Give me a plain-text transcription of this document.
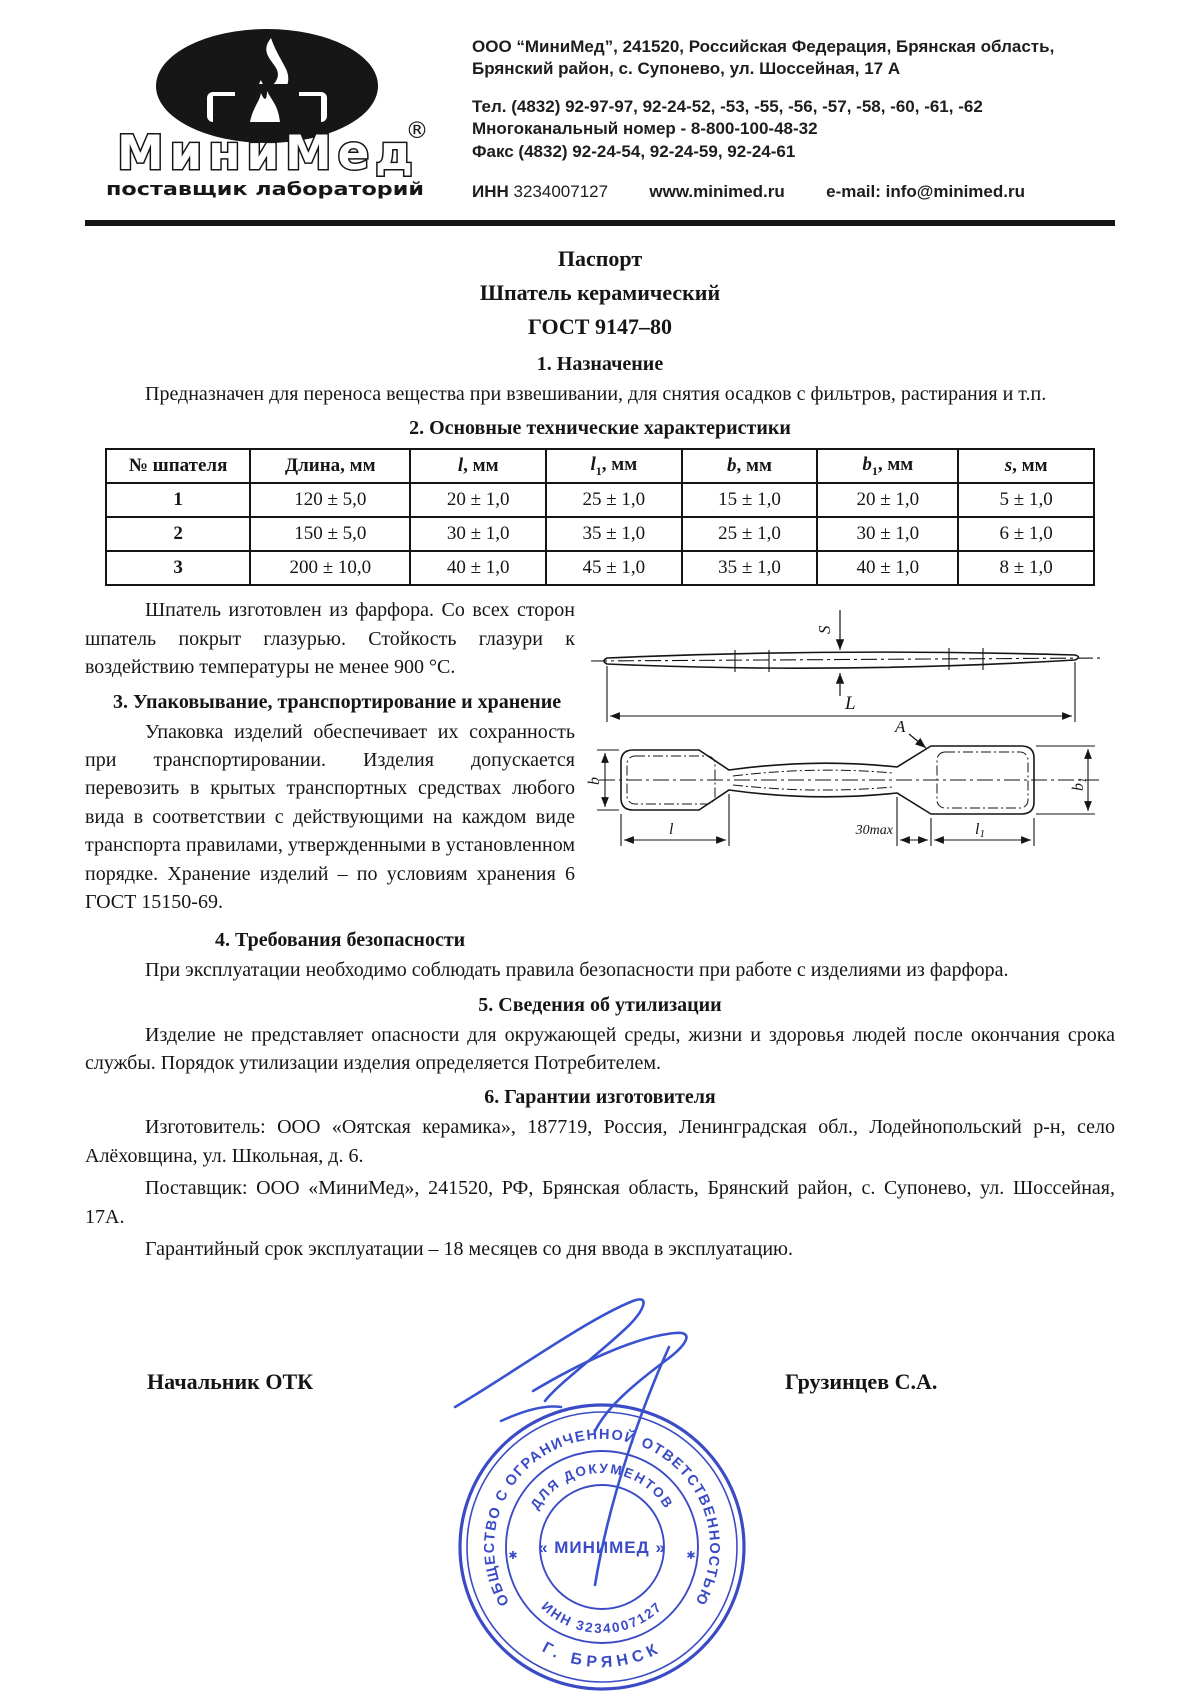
МиниМед
®
поставщик лабораторий
ООО “МиниМед”, 241520, Российская Федерация, Брянская область,
Брянский район, с. Супонево, ул. Шоссейная, 17 А
Тел. (4832) 92-97-97, 92-24-52, -53, -55, -56, -57, -58, -60, -61, -62
Многоканальный номер - 8-800-100-48-32
Факс (4832) 92-24-54, 92-24-59, 92-24-61
ИНН 3234007127 www.minimed.ru e-mail: info@minimed.ru
Паспорт
Шпатель керамический
ГОСТ 9147–80
1. Назначение

Предназначен для переноса вещества при взвешивании, для снятия осадков с фильтров, растирания и т.п.

2. Основные технические характеристики
№ шпателя	Длина, мм	l, мм	$l_1$, мм	b, мм	$b_1$, мм	s, мм
1	120 ± 5,0	20 ± 1,0	25 ± 1,0	15 ± 1,0	20 ± 1,0	5 ± 1,0
2	150 ± 5,0	30 ± 1,0	35 ± 1,0	25 ± 1,0	30 ± 1,0	6 ± 1,0
3	200 ± 10,0	40 ± 1,0	45 ± 1,0	35 ± 1,0	40 ± 1,0	8 ± 1,0

Шпатель изготовлен из фарфора. Со всех сторон шпатель покрыт глазурью. Стойкость глазури к воздействию температуры не менее 900 °С.

3. Упаковывание, транспортирование и хранение

Упаковка изделий обеспечивает их сохранность при транспортировании. Изделия допускается перевозить в крытых транспортных средствах любого вида в соответствии с действующими на каждом виде транспорта правилами, утвержденными в установленном порядке. Хранение изделий – по условиям хранения 6 ГОСТ 15150-69.

S
L
A
b
b1
l	30max	l1
4. Требования безопасности

При эксплуатации необходимо соблюдать правила безопасности при работе с изделиями из фарфора.

5. Сведения об утилизации

Изделие не представляет опасности для окружающей среды, жизни и здоровья людей после окончания срока службы. Порядок утилизации изделия определяется Потребителем.

6. Гарантии изготовителя

Изготовитель: ООО «Оятская керамика», 187719, Россия, Ленинградская обл., Лодейнопольский р-н, село Алёховщина, ул. Школьная, д. 6.

Поставщик: ООО «МиниМед», 241520, РФ, Брянская область, Брянский район, с. Супонево, ул. Шоссейная, 17А.

Гарантийный срок эксплуатации – 18 месяцев со дня ввода в эксплуатацию.

Начальник ОТК	Грузинцев С.А.
ОБЩЕСТВО С ОГРАНИЧЕННОЙ ОТВЕТСТВЕННОСТЬЮ
Г. БРЯНСК
ДЛЯ ДОКУМЕНТОВ
ИНН 3234007127
« МИНИМЕД »
✱	✱
